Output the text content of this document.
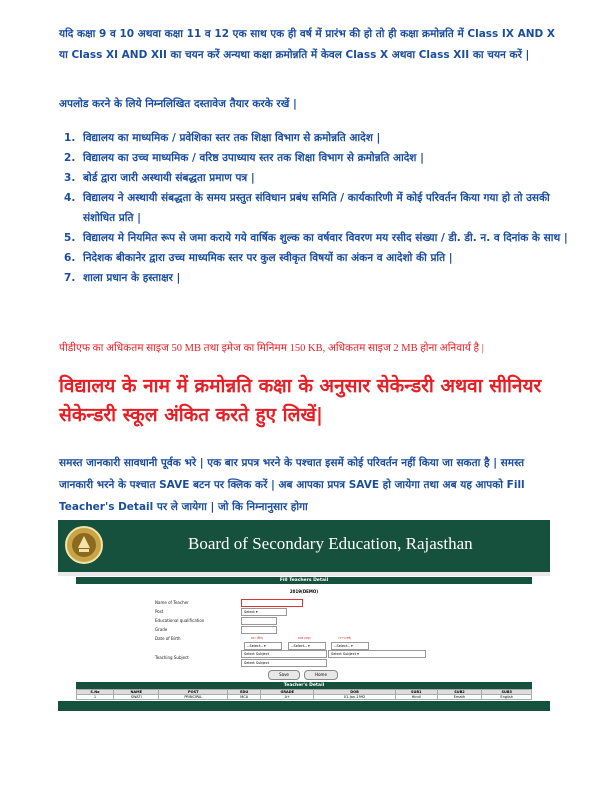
यदि कक्षा 9 व 10 अथवा कक्षा 11 व 12 एक साथ एक ही वर्ष में प्रारंभ की हो तो ही कक्षा क्रमोन्नति में Class IX AND X या Class XI AND XII का चयन करें अन्यथा कक्षा क्रमोन्नति में केवल Class X अथवा Class XII का चयन करें |
अपलोड करने के लिये निम्नलिखित दस्तावेज तैयार करके रखें |
1. विद्यालय का माध्यमिक / प्रवेशिका स्तर तक शिक्षा विभाग से क्रमोन्नति आदेश |
2. विद्यालय का उच्च माध्यमिक / वरिष्ठ उपाध्याय स्तर तक शिक्षा विभाग से क्रमोन्नति आदेश |
3. बोर्ड द्वारा जारी अस्थायी संबद्धता प्रमाण पत्र |
4. विद्यालय ने अस्थायी संबद्धता के समय प्रस्तुत संविधान प्रबंध समिति / कार्यकारिणी में कोई परिवर्तन किया गया हो तो उसकी संशोधित प्रति |
5. विद्यालय मे नियमित रूप से जमा कराये गये वार्षिक शुल्क का वर्षवार विवरण मय रसीद संख्या / डी. डी. न. व दिनांक के साथ |
6. निदेशक बीकानेर द्वारा उच्च माध्यमिक स्तर पर कुल स्वीकृत विषयों का अंकन व आदेशो की प्रति |
7. शाला प्रधान के हस्ताक्षर |
पीडीएफ का अधिकतम साइज 50 MB तथा इमेज का मिनिमम 150 KB, अधिकतम साइज 2 MB होना अनिवार्य है |
विद्यालय के नाम में क्रमोन्नति कक्षा के अनुसार सेकेन्डरी अथवा सीनियर सेकेन्डरी स्कूल अंकित करते हुए लिखें|
समस्त जानकारी सावधानी पूर्वक भरे | एक बार प्रपत्र भरने के पश्चात इसमें कोई परिवर्तन नहीं किया जा सकता है | समस्त जानकारी भरने के पश्चात SAVE बटन पर क्लिक करें | अब आपका प्रपत्र SAVE हो जायेगा तथा अब यह आपको Fill Teacher's Detail पर ले जायेगा | जो कि निम्नानुसार होगा
Board of Secondary Education, Rajasthan
Fill Teachers Detail
2019(DEMO)
Name of Teacher
Post	Select ▾
Educational qualification
Grade
Date of Birth	DD (दिन)	MM (माह)	YYYY(वर्ष)
--Select-- ▾	--Select-- ▾	--Select-- ▾
Teaching Subject
Select Subject	Select Subject ▾
Select Subject
Save	Home
Teacher's Detail
S.No	NAME	POST	EDU	GRADE	DOB	SUB1	SUB2	SUB3
1	SWATI	PRINCIPAL	MCA	A+	01-Jan-1992	Hindi	Emath	English
